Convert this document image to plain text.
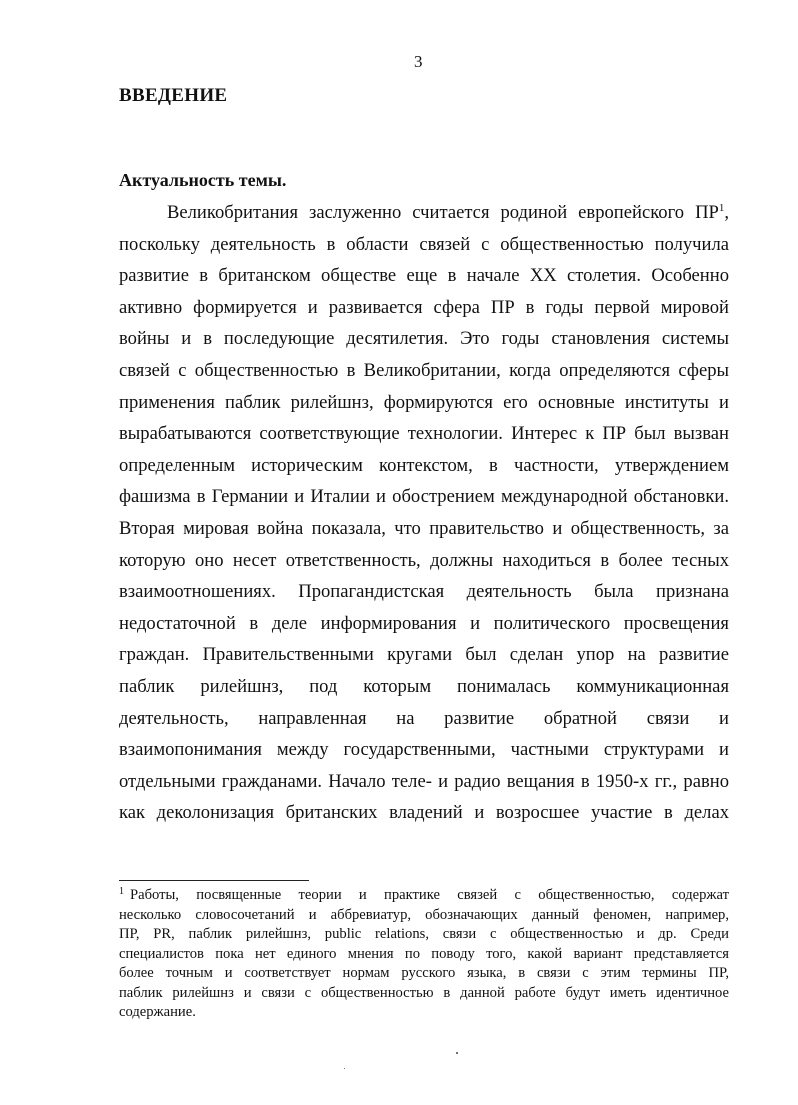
3
ВВЕДЕНИЕ
Актуальность темы.
Великобритания заслуженно считается родиной европейского $ПР^1$,
поскольку деятельность в области связей с общественностью получила
развитие в британском обществе еще в начале XX столетия. Особенно
активно формируется и развивается сфера ПР в годы первой мировой
войны и в последующие десятилетия. Это годы становления системы
связей с общественностью в Великобритании, когда определяются сферы
применения паблик рилейшнз, формируются его основные институты и
вырабатываются соответствующие технологии. Интерес к ПР был вызван
определенным историческим контекстом, в частности, утверждением
фашизма в Германии и Италии и обострением международной обстановки.
Вторая мировая война показала, что правительство и общественность, за
которую оно несет ответственность, должны находиться в более тесных
взаимоотношениях. Пропагандистская деятельность была признана
недостаточной в деле информирования и политического просвещения
граждан. Правительственными кругами был сделан упор на развитие
паблик рилейшнз, под которым понималась коммуникационная
деятельность, направленная на развитие обратной связи и
взаимопонимания между государственными, частными структурами и
отдельными гражданами. Начало теле- и радио вещания в 1950-х гг., равно
как деколонизация британских владений и возросшее участие в делах
$^1$ Работы, посвященные теории и практике связей с общественностью, содержат
несколько словосочетаний и аббревиатур, обозначающих данный феномен, например,
ПР, PR, паблик рилейшнз, public relations, связи с общественностью и др. Среди
специалистов пока нет единого мнения по поводу того, какой вариант представляется
более точным и соответствует нормам русского языка, в связи с этим термины ПР,
паблик рилейшнз и связи с общественностью в данной работе будут иметь идентичное
содержание.
